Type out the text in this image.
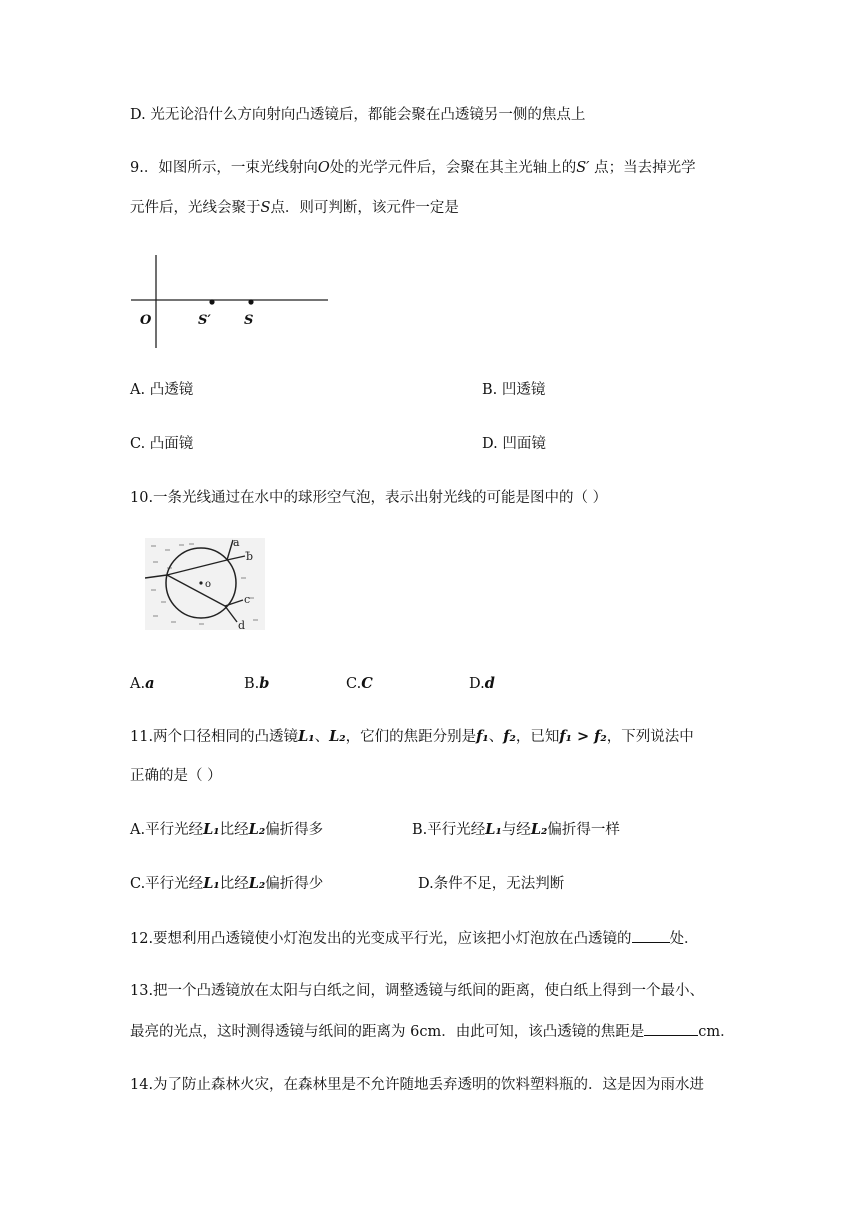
D. 光无论沿什么方向射向凸透镜后，都能会聚在凸透镜另一侧的焦点上
9.．如图所示，一束光线射向O处的光学元件后，会聚在其主光轴上的S′ 点；当去掉光学
元件后，光线会聚于S点．则可判断，该元件一定是
O	S′	S
A. 凸透镜	B. 凹透镜
C. 凸面镜	D. 凹面镜
10.一条光线通过在水中的球形空气泡，表示出射光线的可能是图中的（ ）
o
a
b
c
d
A.a	B.b	C.C	D.d
11.两个口径相同的凸透镜L₁、L₂，它们的焦距分别是f₁、f₂，已知f₁ > f₂，下列说法中
正确的是（ ）
A.平行光经L₁比经L₂偏折得多	B.平行光经L₁与经L₂偏折得一样
C.平行光经L₁比经L₂偏折得少	D.条件不足，无法判断
12.要想利用凸透镜使小灯泡发出的光变成平行光，应该把小灯泡放在凸透镜的	处．
13.把一个凸透镜放在太阳与白纸之间，调整透镜与纸间的距离，使白纸上得到一个最小、
最亮的光点，这时测得透镜与纸间的距离为 6cm．由此可知，该凸透镜的焦距是	cm．
14.为了防止森林火灾，在森林里是不允许随地丢弃透明的饮料塑料瓶的．这是因为雨水进
